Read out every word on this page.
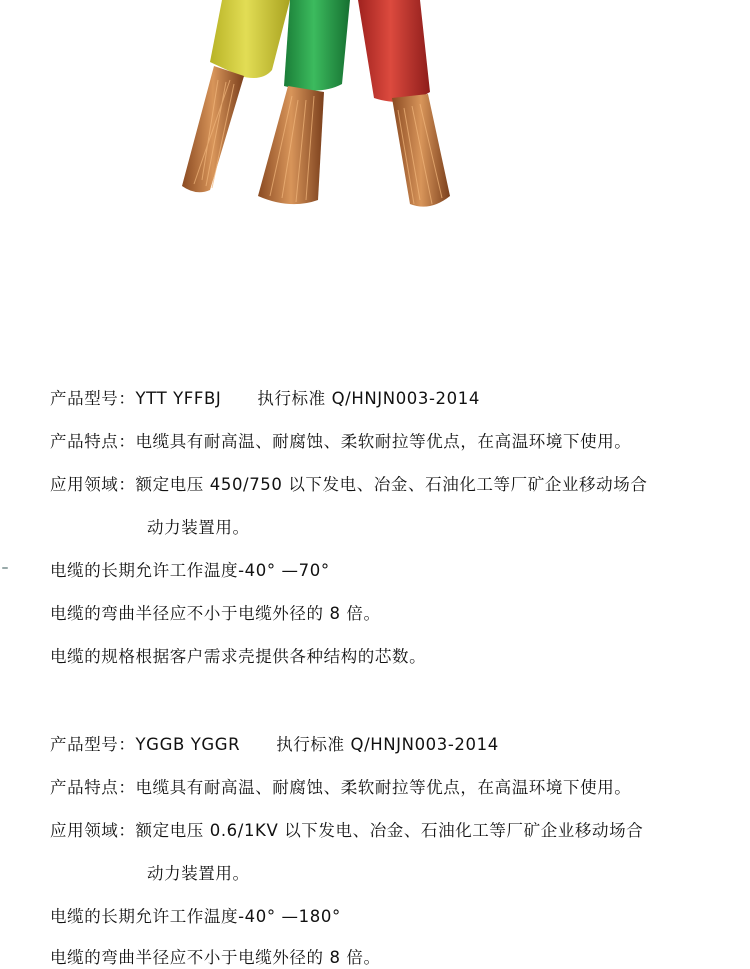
产品型号：YTT YFFBJ 执行标准 Q/HNJN003-2014
产品特点：电缆具有耐高温、耐腐蚀、柔软耐拉等优点，在高温环境下使用。
应用领域：额定电压 450/750 以下发电、冶金、石油化工等厂矿企业移动场合
动力装置用。
电缆的长期允许工作温度-40° —70°
电缆的弯曲半径应不小于电缆外径的 8 倍。
电缆的规格根据客户需求壳提供各种结构的芯数。
产品型号：YGGB YGGR 执行标准 Q/HNJN003-2014
产品特点：电缆具有耐高温、耐腐蚀、柔软耐拉等优点，在高温环境下使用。
应用领域：额定电压 0.6/1KV 以下发电、冶金、石油化工等厂矿企业移动场合
动力装置用。
电缆的长期允许工作温度-40° —180°
电缆的弯曲半径应不小于电缆外径的 8 倍。
